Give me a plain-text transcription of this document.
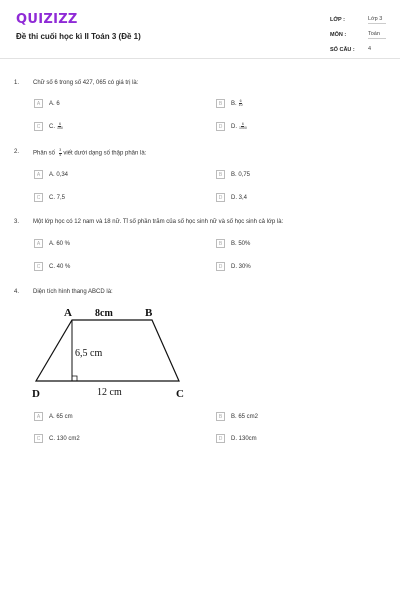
QUIZIZZ
Đề thi cuối học kì II Toán 3 (Đề 1)
LỚP :	Lớp 3
MÔN :	Toán
SỐ CÂU : 4
1. Chữ số 6 trong số 427, 065 có giá trị là:
A	A. 6	B	B. $\frac{6}{10}$
C	C. $\frac{6}{100}$	D	D. $\frac{6}{1000}$
2. Phân số $\frac{3}{4}$ viết dưới dạng số thập phân là:
A	A. 0,34	B	B. 0,75
C	C. 7,5	D	D. 3,4
3. Một lớp học có 12 nam và 18 nữ. Tỉ số phần trăm của số học sinh nữ và số học sinh cả lớp là:
A	A. 60 %	B	B. 50%
C	C. 40 %	D	D. 30%
4. Diện tích hình thang ABCD là:
A	B
C
D
8cm
6,5 cm
12 cm
A	A. 65 cm	B	B. 65 cm2
C	C. 130 cm2	D	D. 130cm
